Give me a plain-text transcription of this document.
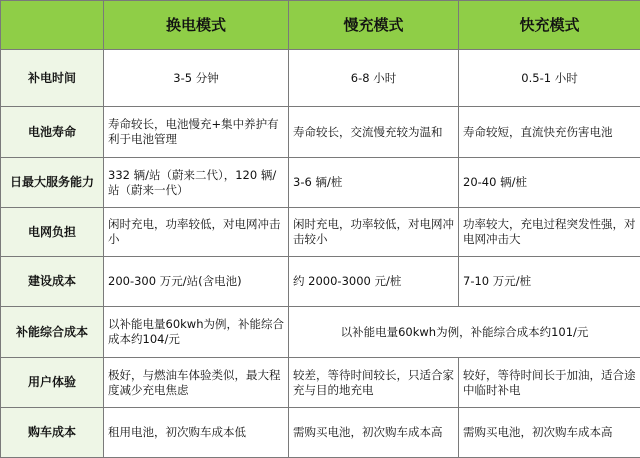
	换电模式	慢充模式	快充模式
补电时间	3-5 分钟	6-8 小时	0.5-1 小时
电池寿命	寿命较长，电池慢充+集中养护有利于电池管理	寿命较长，交流慢充较为温和	寿命较短，直流快充伤害电池
日最大服务能力	332 辆/站（蔚来二代），120 辆/站（蔚来一代）	3-6 辆/桩	20-40 辆/桩
电网负担	闲时充电，功率较低，对电网冲击小	闲时充电，功率较低，对电网冲击较小	功率较大，充电过程突发性强，对电网冲击大
建设成本	200-300 万元/站(含电池)	约 2000-3000 元/桩	7-10 万元/桩
补能综合成本	以补能电量60kwh为例，补能综合成本约104/元	以补能电量60kwh为例，补能综合成本约101/元	
用户体验	极好，与燃油车体验类似，最大程度减少充电焦虑	较差，等待时间较长，只适合家充与目的地充电	较好，等待时间长于加油，适合途中临时补电
购车成本	租用电池，初次购车成本低	需购买电池，初次购车成本高	需购买电池，初次购车成本高
